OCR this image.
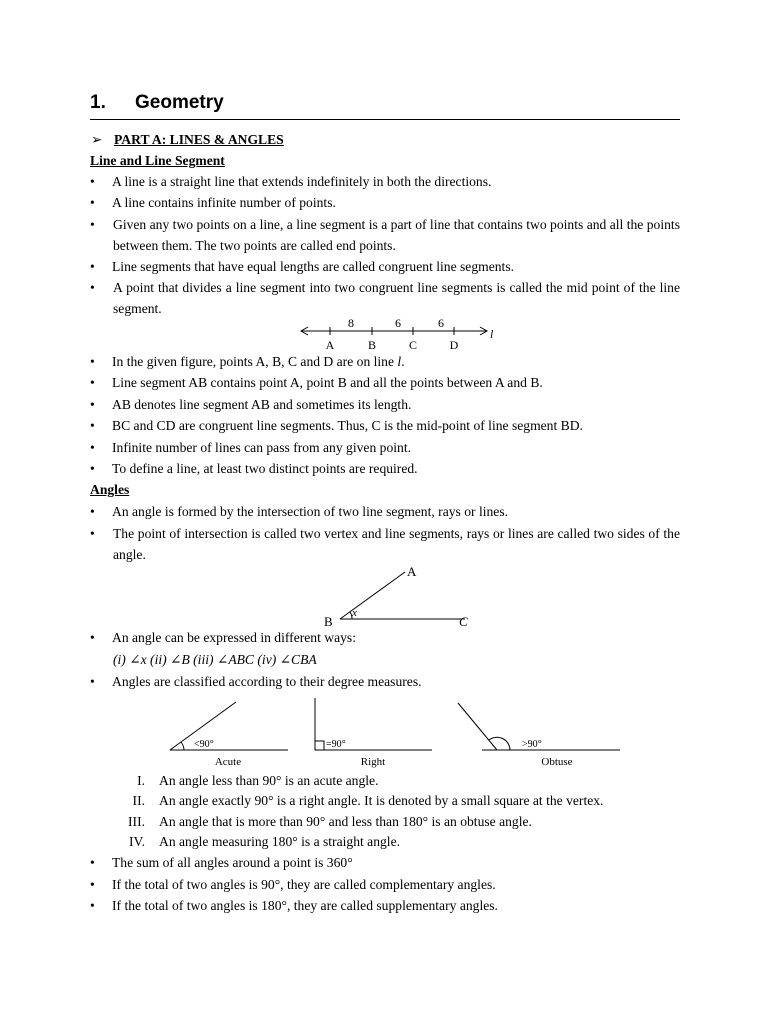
1. Geometry
➢ PART A: LINES & ANGLES
Line and Line Segment
• A line is a straight line that extends indefinitely in both the directions.
• A line contains infinite number of points.
• Given any two points on a line, a line segment is a part of line that contains two points and all the points between them. The two points are called end points.
• Line segments that have equal lengths are called congruent line segments.
• A point that divides a line segment into two congruent line segments is called the mid point of the line segment.
8	6	6
A	B	C	D
l
• In the given figure, points A, B, C and D are on line l.
• Line segment AB contains point A, point B and all the points between A and B.
• AB denotes line segment AB and sometimes its length.
• BC and CD are congruent line segments. Thus, C is the mid-point of line segment BD.
• Infinite number of lines can pass from any given point.
• To define a line, at least two distinct points are required.
Angles
• An angle is formed by the intersection of two line segment, rays or lines.
• The point of intersection is called two vertex and line segments, rays or lines are called two sides of the angle.
A
B	C
x
• An angle can be expressed in different ways:
(i) ∠x (ii) ∠B (iii) ∠ABC (iv) ∠CBA
• Angles are classified according to their degree measures.
<90°
Acute
=90°
Right
>90°
Obtuse
I. An angle less than 90° is an acute angle.
II. An angle exactly 90° is a right angle. It is denoted by a small square at the vertex.
III. An angle that is more than 90° and less than 180° is an obtuse angle.
IV. An angle measuring 180° is a straight angle.
• The sum of all angles around a point is 360°
• If the total of two angles is 90°, they are called complementary angles.
• If the total of two angles is 180°, they are called supplementary angles.
